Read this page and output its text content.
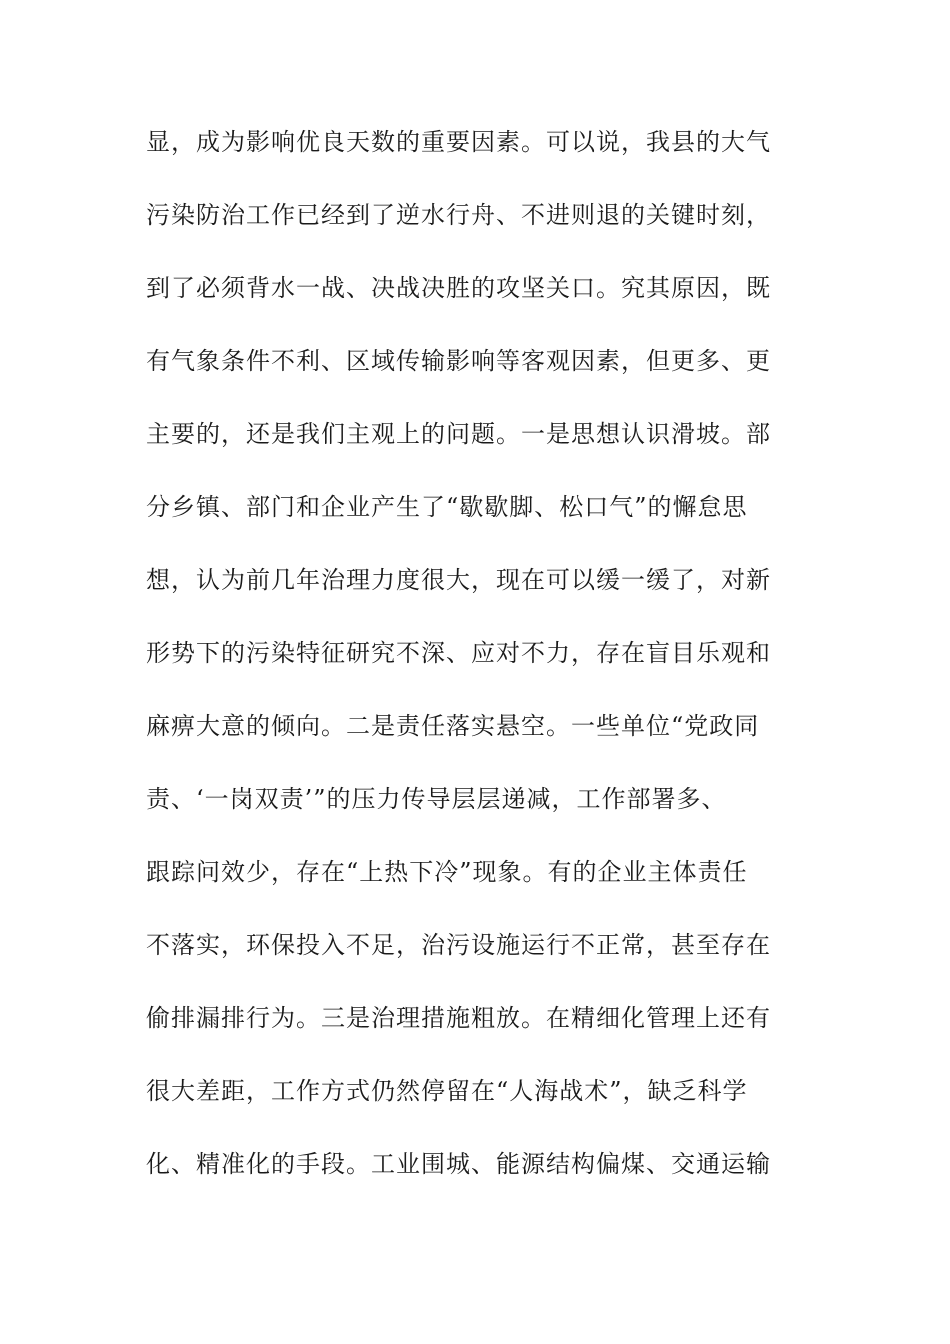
显，成为影响优良天数的重要因素。可以说，我县的大气
污染防治工作已经到了逆水行舟、不进则退的关键时刻，
到了必须背水一战、决战决胜的攻坚关口。究其原因，既
有气象条件不利、区域传输影响等客观因素，但更多、更
主要的，还是我们主观上的问题。一是思想认识滑坡。部
分乡镇、部门和企业产生了“歇歇脚、松口气”的懈怠思
想，认为前几年治理力度很大，现在可以缓一缓了，对新
形势下的污染特征研究不深、应对不力，存在盲目乐观和
麻痹大意的倾向。二是责任落实悬空。一些单位“党政同
责、‘一岗双责’”的压力传导层层递减，工作部署多、
跟踪问效少，存在“上热下冷”现象。有的企业主体责任
不落实，环保投入不足，治污设施运行不正常，甚至存在
偷排漏排行为。三是治理措施粗放。在精细化管理上还有
很大差距，工作方式仍然停留在“人海战术”，缺乏科学
化、精准化的手段。工业围城、能源结构偏煤、交通运输
